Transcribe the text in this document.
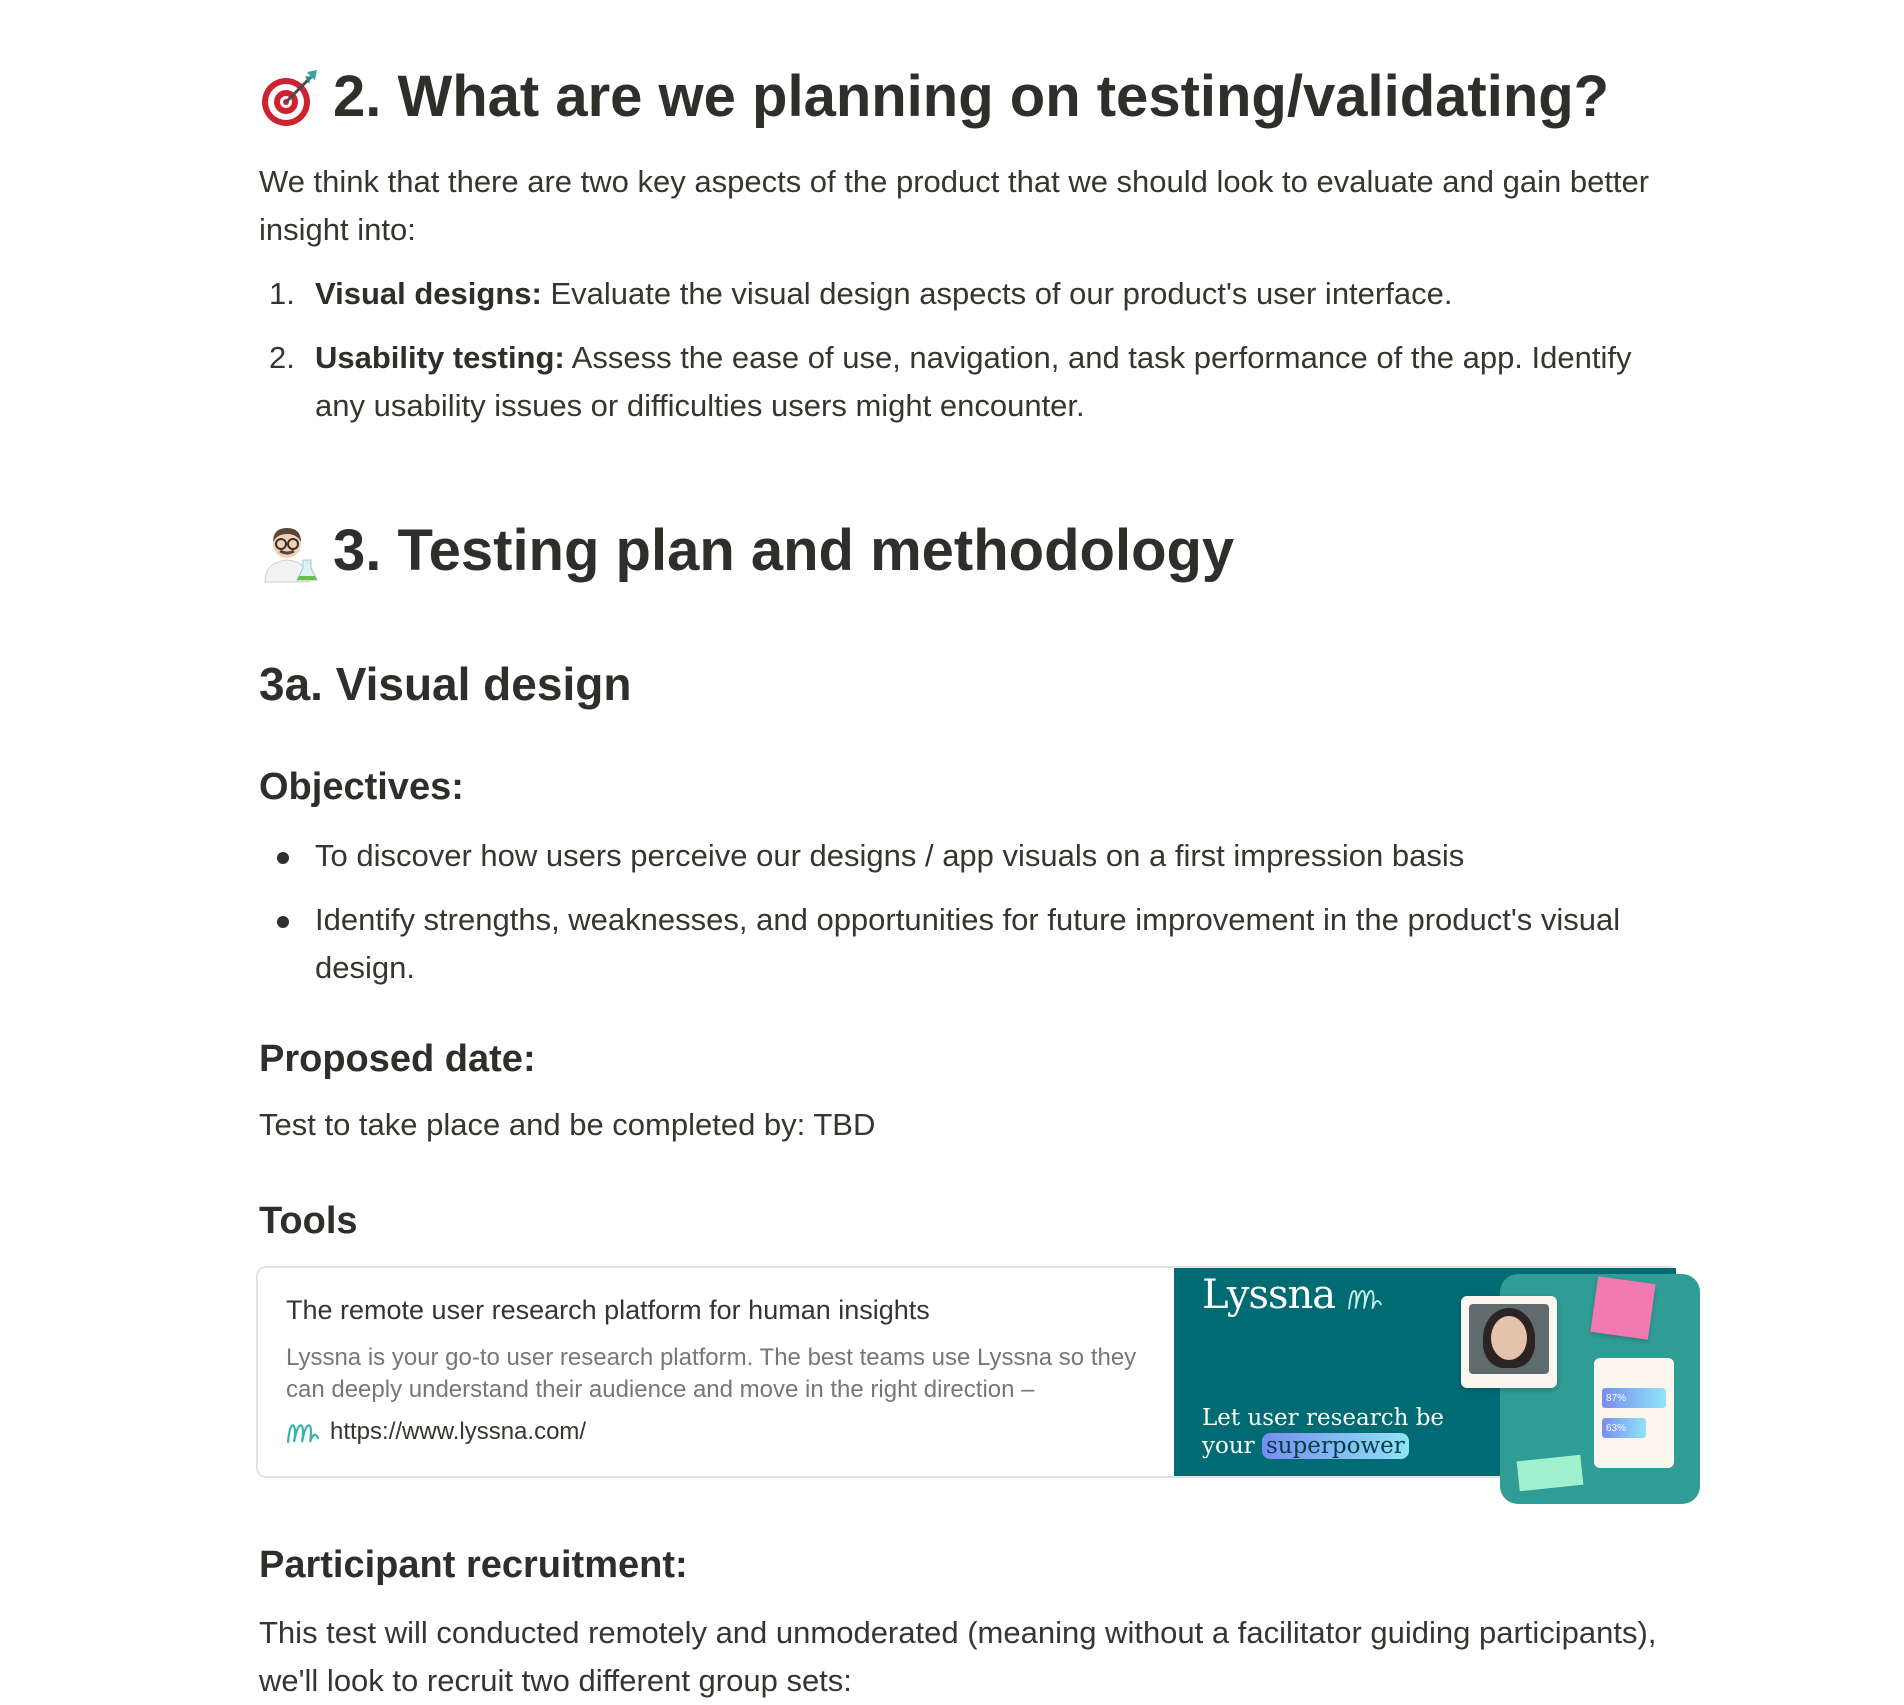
2. What are we planning on testing/validating?
We think that there are two key aspects of the product that we should look to evaluate and gain better insight into:
1. Visual designs: Evaluate the visual design aspects of our product's user interface.
2. Usability testing: Assess the ease of use, navigation, and task performance of the app. Identify any usability issues or difficulties users might encounter.
3. Testing plan and methodology
3a. Visual design
Objectives:
To discover how users perceive our designs / app visuals on a first impression basis
Identify strengths, weaknesses, and opportunities for future improvement in the product's visual design.
Proposed date:
Test to take place and be completed by: TBD
Tools
The remote user research platform for human insights
Lyssna is your go-to user research platform. The best teams use Lyssna so they can deeply understand their audience and move in the right direction –
https://www.lyssna.com/
Lyssna
87%
63%
Let user research be your superpower
Participant recruitment:
This test will conducted remotely and unmoderated (meaning without a facilitator guiding participants), we'll look to recruit two different group sets:
